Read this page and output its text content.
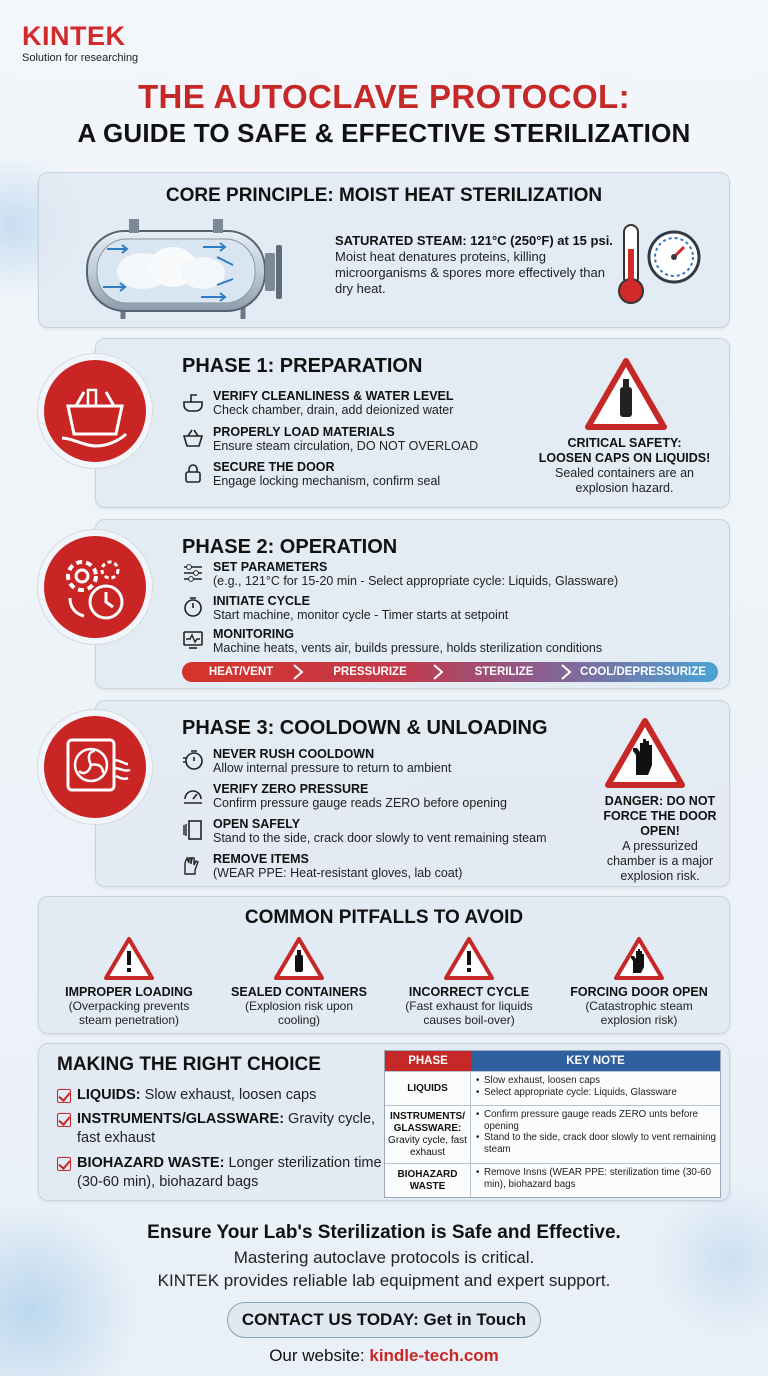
KINTEK
Solution for researching
THE AUTOCLAVE PROTOCOL:
A GUIDE TO SAFE & EFFECTIVE STERILIZATION
CORE PRINCIPLE: MOIST HEAT STERILIZATION
SATURATED STEAM: 121°C (250°F) at 15 psi. Moist heat denatures proteins, killing microorganisms & spores more effectively than dry heat.
PHASE 1: PREPARATION
VERIFY CLEANLINESS & WATER LEVEL
Check chamber, drain, add deionized water
PROPERLY LOAD MATERIALS
Ensure steam circulation, DO NOT OVERLOAD
SECURE THE DOOR
Engage locking mechanism, confirm seal
CRITICAL SAFETY:
LOOSEN CAPS ON LIQUIDS!
Sealed containers are an
explosion hazard.
PHASE 2: OPERATION
SET PARAMETERS
(e.g., 121°C for 15-20 min - Select appropriate cycle: Liquids, Glassware)
INITIATE CYCLE
Start machine, monitor cycle - Timer starts at setpoint
MONITORING
Machine heats, vents air, builds pressure, holds sterilization conditions
HEAT/VENT	PRESSURIZE	STERILIZE	COOL/DEPRESSURIZE
PHASE 3: COOLDOWN & UNLOADING
NEVER RUSH COOLDOWN
Allow internal pressure to return to ambient
VERIFY ZERO PRESSURE
Confirm pressure gauge reads ZERO before opening
OPEN SAFELY
Stand to the side, crack door slowly to vent remaining steam
REMOVE ITEMS
(WEAR PPE: Heat-resistant gloves, lab coat)
DANGER: DO NOT
FORCE THE DOOR OPEN!
A pressurized
chamber is a major
explosion risk.
COMMON PITFALLS TO AVOID
IMPROPER LOADING
(Overpacking prevents
steam penetration)
SEALED CONTAINERS
(Explosion risk upon
cooling)
INCORRECT CYCLE
(Fast exhaust for liquids
causes boil-over)
FORCING DOOR OPEN
(Catastrophic steam
explosion risk)
MAKING THE RIGHT CHOICE
LIQUIDS: Slow exhaust, loosen caps
INSTRUMENTS/GLASSWARE: Gravity cycle, fast exhaust
BIOHAZARD WASTE: Longer sterilization time (30-60 min), biohazard bags
PHASE	KEY NOTE
LIQUIDS
• Slow exhaust, loosen caps
• Select appropriate cycle: Liquids, Glassware
INSTRUMENTS/ GLASSWARE:
Gravity cycle, fast exhaust
• Confirm pressure gauge reads ZERO unts before opening
• Stand to the side, crack door slowly to vent remaining steam
BIOHAZARD WASTE
• Remove Insns (WEAR PPE: sterilization time (30-60 min), biohazard bags
Ensure Your Lab's Sterilization is Safe and Effective.
Mastering autoclave protocols is critical.
KINTEK provides reliable lab equipment and expert support.
CONTACT US TODAY: Get in Touch
Our website: kindle-tech.com
